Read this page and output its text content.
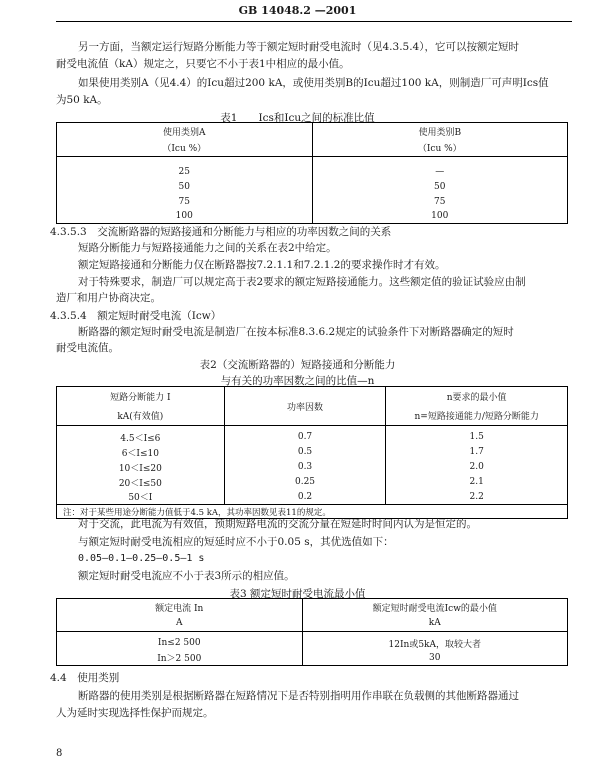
GB 14048.2 —2001
另一方面，当额定运行短路分断能力等于额定短时耐受电流时（见4.3.5.4），它可以按额定短时
耐受电流值（kA）规定之，只要它不小于表1中相应的最小值。
如果使用类别A（见4.4）的Icu超过200 kA，或使用类别B的Icu超过100 kA，则制造厂可声明Ics值
为50 kA。
表1　　Ics和Icu之间的标准比值
使用类别A	使用类别B
（Icu %）	（Icu %）

25	—
50	50
75	75
100	100
4.3.5.3　交流断路器的短路接通和分断能力与相应的功率因数之间的关系
短路分断能力与短路接通能力之间的关系在表2中给定。
额定短路接通和分断能力仅在断路器按7.2.1.1和7.2.1.2的要求操作时才有效。
对于特殊要求，制造厂可以规定高于表2要求的额定短路接通能力。这些额定值的验证试验应由制
造厂和用户协商决定。
4.3.5.4　额定短时耐受电流（Icw）
断路器的额定短时耐受电流是制造厂在按本标准8.3.6.2规定的试验条件下对断路器确定的短时
耐受电流值。
表2（交流断路器的）短路接通和分断能力
与有关的功率因数之间的比值—n
短路分断能力 I	功率因数	n要求的最小值
kA(有效值)		n=短路接通能力/短路分断能力

4.5＜I≤6	0.7	1.5
6＜I≤10	0.5	1.7
10＜I≤20	0.3	2.0
20＜I≤50	0.25	2.1
50＜I	0.2	2.2
注：对于某些用途分断能力值低于4.5 kA，其功率因数见表11的规定。		
对于交流，此电流为有效值，预期短路电流的交流分量在短延时时间内认为是恒定的。
与额定短时耐受电流相应的短延时应不小于0.05 s，其优选值如下：
0.05—0.1—0.25—0.5—1 s
额定短时耐受电流应不小于表3所示的相应值。
表3 额定短时耐受电流最小值
额定电流 In	额定短时耐受电流Icw的最小值
A	kA

In≤2 500	12In或5kA，取较大者
In＞2 500	30
4.4　使用类别
断路器的使用类别是根据断路器在短路情况下是否特别指明用作串联在负载侧的其他断路器通过
人为延时实现选择性保护而规定。
8
